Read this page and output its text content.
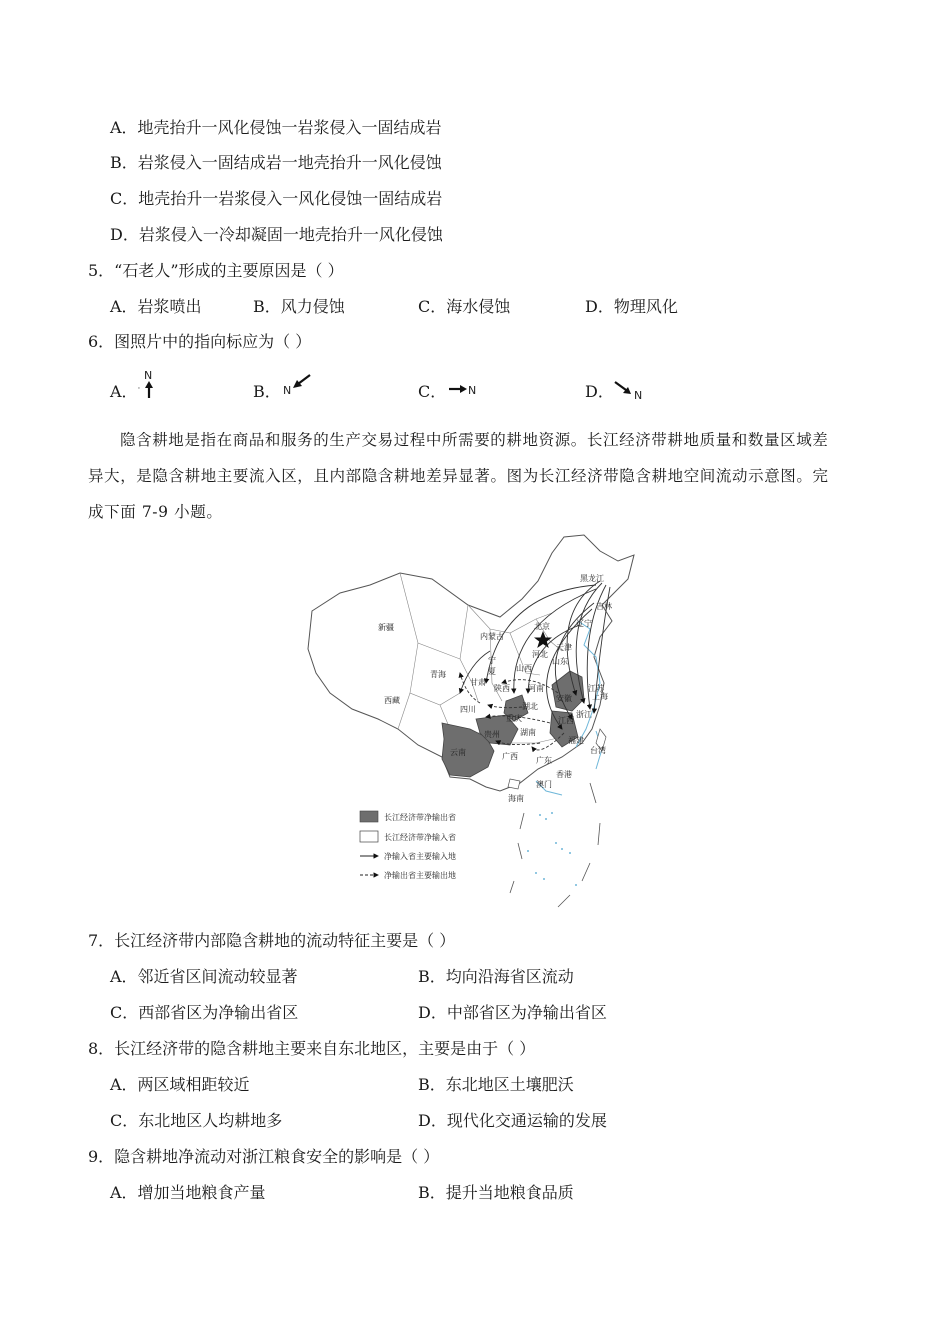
A．地壳抬升一风化侵蚀一岩浆侵入一固结成岩
B．岩浆侵入一固结成岩一地壳抬升一风化侵蚀
C．地壳抬升一岩浆侵入一风化侵蚀一固结成岩
D．岩浆侵入一冷却凝固一地壳抬升一风化侵蚀
5．“石老人”形成的主要原因是（ ）
A．岩浆喷出	B．风力侵蚀	C．海水侵蚀	D．物理风化
6．图照片中的指向标应为（ ）
A．	B．	C．	D．
N
'	N	N	N
隐含耕地是指在商品和服务的生产交易过程中所需要的耕地资源。长江经济带耕地质量和数量区域差
异大，是隐含耕地主要流入区，且内部隐含耕地差异显著。图为长江经济带隐含耕地空间流动示意图。完
成下面 7-9 小题。
黑龙江
吉林
辽宁
内蒙古
新疆	北京
天津
河北
山东
宁
夏	山西
青海
甘肃
陕西 河南	江苏
上海
安徽
西藏
四川	湖北
重庆	浙江
江西
湖南
贵州
福建
台湾
云南	广西 广东
香港
澳门
海南
长江经济带净输出省
长江经济带净输入省
净输入省主要输入地
净输出省主要输出地
7．长江经济带内部隐含耕地的流动特征主要是（ ）
A．邻近省区间流动较显著	B．均向沿海省区流动
C．西部省区为净输出省区	D．中部省区为净输出省区
8．长江经济带的隐含耕地主要来自东北地区，主要是由于（ ）
A．两区域相距较近	B．东北地区土壤肥沃
C．东北地区人均耕地多	D．现代化交通运输的发展
9．隐含耕地净流动对浙江粮食安全的影响是（ ）
A．增加当地粮食产量	B．提升当地粮食品质
